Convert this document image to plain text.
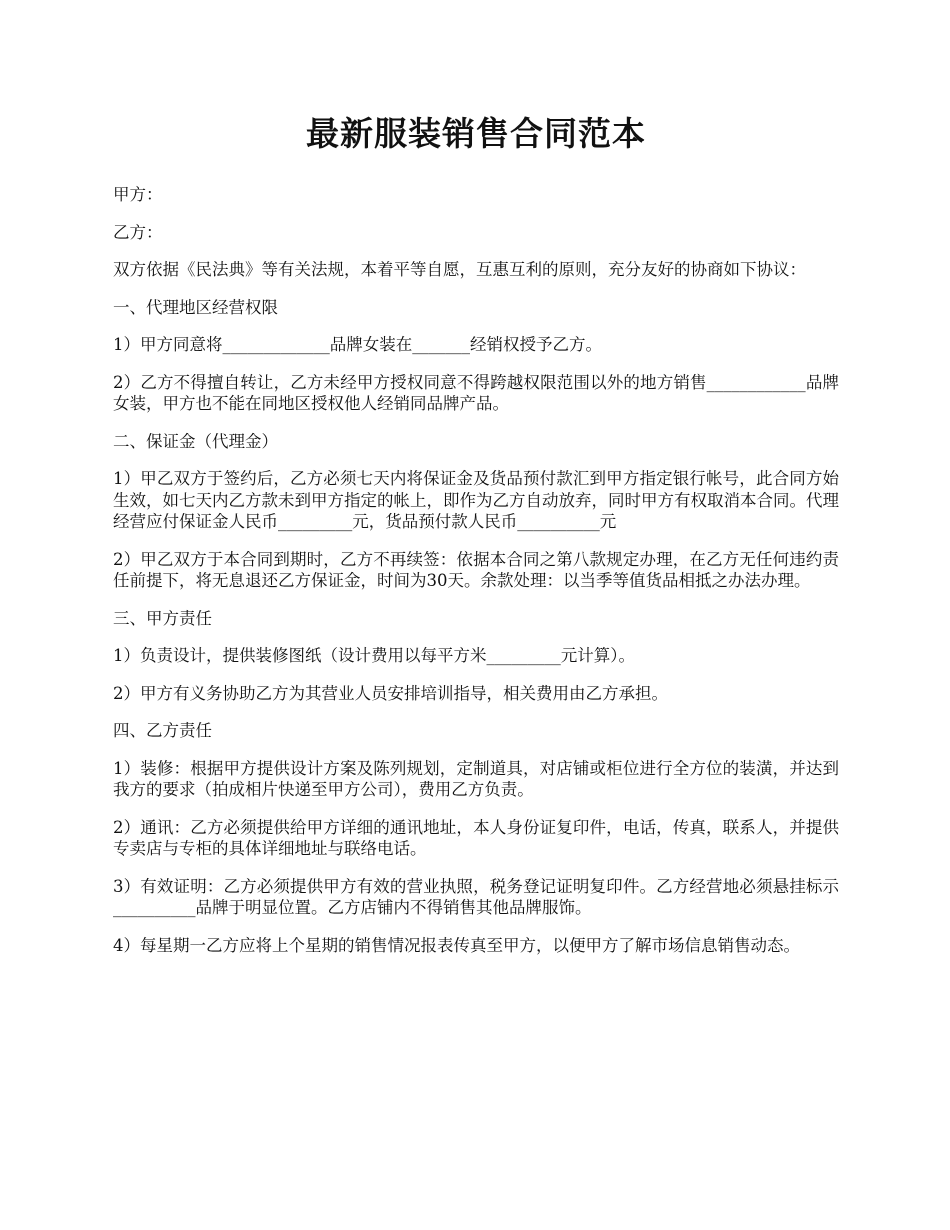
最新服装销售合同范本

甲方：

乙方：

双方依据《民法典》等有关法规，本着平等自愿，互惠互利的原则，充分友好的协商如下协议：

一、代理地区经营权限

1）甲方同意将_____________品牌女装在_______经销权授予乙方。

2）乙方不得擅自转让，乙方未经甲方授权同意不得跨越权限范围以外的地方销售____________品牌女装，甲方也不能在同地区授权他人经销同品牌产品。

二、保证金（代理金）

1）甲乙双方于签约后，乙方必须七天内将保证金及货品预付款汇到甲方指定银行帐号，此合同方始生效，如七天内乙方款未到甲方指定的帐上，即作为乙方自动放弃，同时甲方有权取消本合同。代理经营应付保证金人民币_________元，货品预付款人民币__________元

2）甲乙双方于本合同到期时，乙方不再续签：依据本合同之第八款规定办理，在乙方无任何违约责任前提下，将无息退还乙方保证金，时间为30天。余款处理：以当季等值货品相抵之办法办理。

三、甲方责任

1）负责设计，提供装修图纸（设计费用以每平方米_________元计算）。

2）甲方有义务协助乙方为其营业人员安排培训指导，相关费用由乙方承担。

四、乙方责任

1）装修：根据甲方提供设计方案及陈列规划，定制道具，对店铺或柜位进行全方位的装潢，并达到我方的要求（拍成相片快递至甲方公司），费用乙方负责。

2）通讯：乙方必须提供给甲方详细的通讯地址，本人身份证复印件，电话，传真，联系人，并提供专卖店与专柜的具体详细地址与联络电话。

3）有效证明：乙方必须提供甲方有效的营业执照，税务登记证明复印件。乙方经营地必须悬挂标示__________品牌于明显位置。乙方店铺内不得销售其他品牌服饰。

4）每星期一乙方应将上个星期的销售情况报表传真至甲方，以便甲方了解市场信息销售动态。
